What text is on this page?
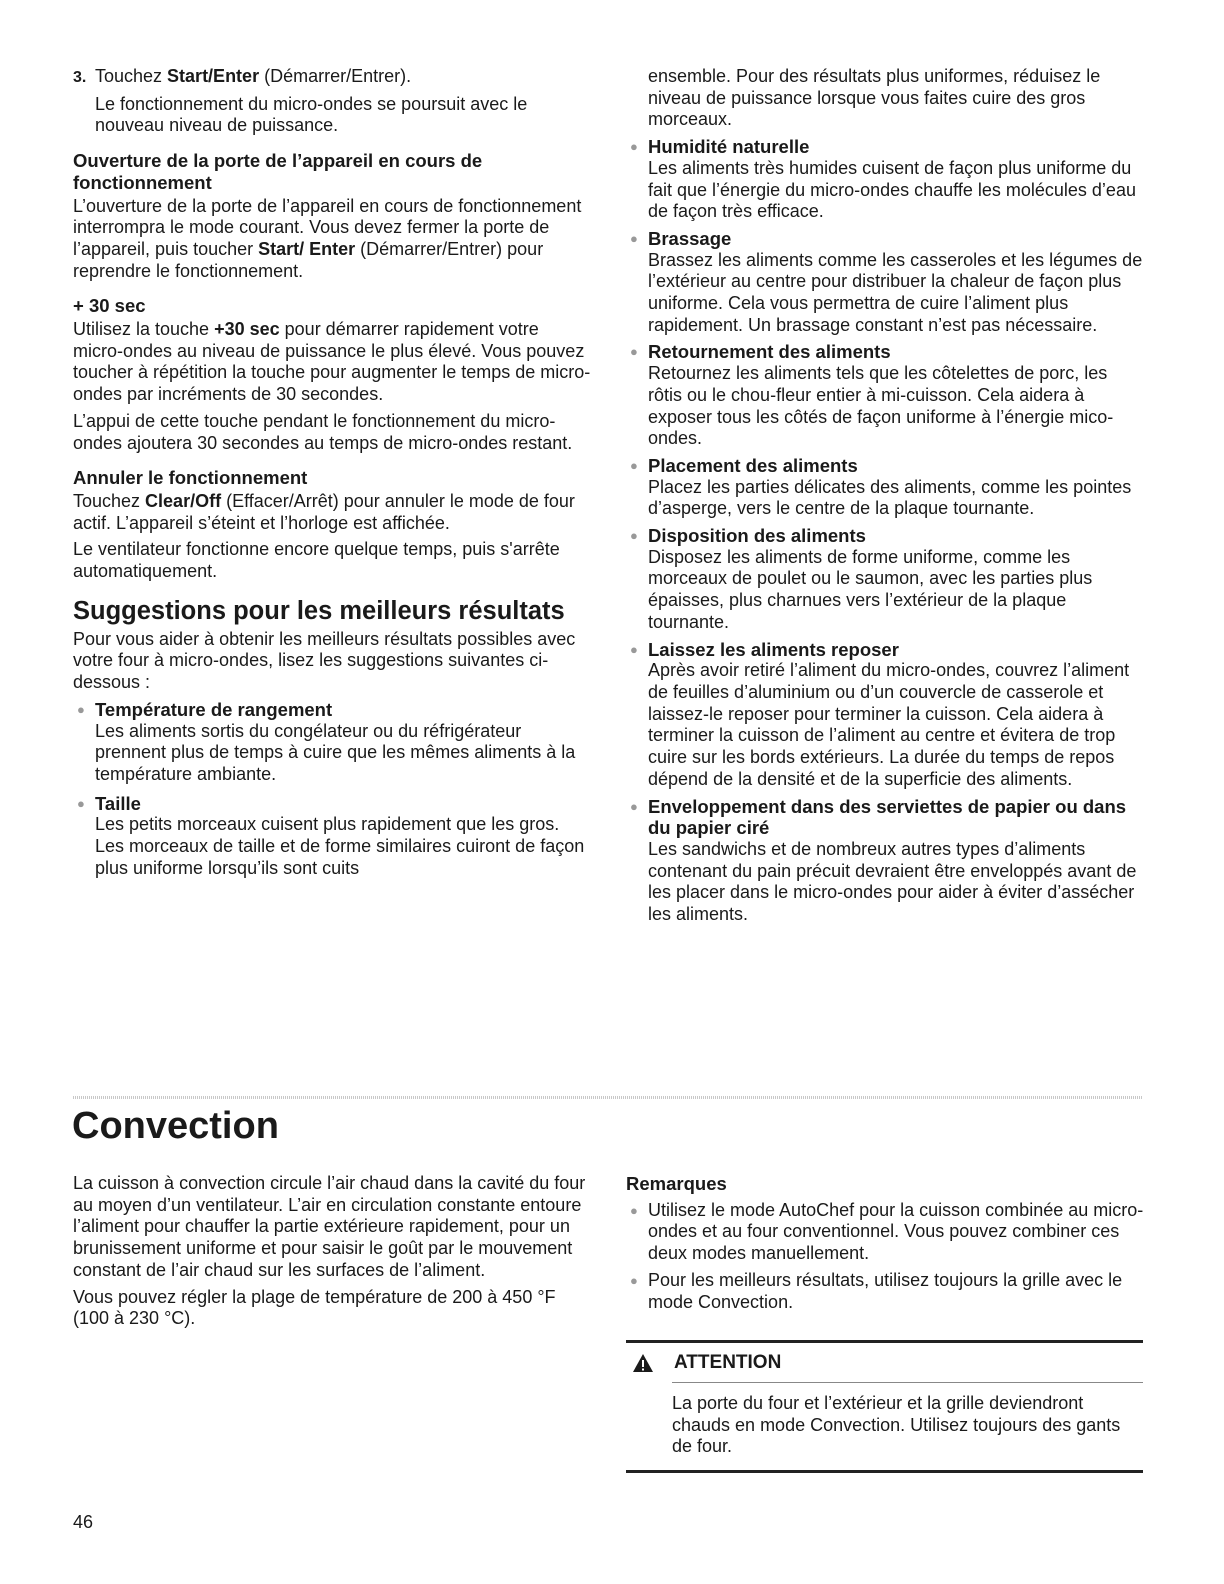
3. Touchez Start/Enter (Démarrer/Entrer).

Le fonctionnement du micro-ondes se poursuit avec le nouveau niveau de puissance.

Ouverture de la porte de l’appareil en cours de fonctionnement

L’ouverture de la porte de l’appareil en cours de fonctionnement interrompra le mode courant. Vous devez fermer la porte de l’appareil, puis toucher Start/ Enter (Démarrer/Entrer) pour reprendre le fonctionnement.

+ 30 sec

Utilisez la touche +30 sec pour démarrer rapidement votre micro-ondes au niveau de puissance le plus élevé. Vous pouvez toucher à répétition la touche pour augmenter le temps de micro-ondes par incréments de 30 secondes.

L’appui de cette touche pendant le fonctionnement du micro-ondes ajoutera 30 secondes au temps de micro-ondes restant.

Annuler le fonctionnement

Touchez Clear/Off (Effacer/Arrêt) pour annuler le mode de four actif. L’appareil s’éteint et l’horloge est affichée.

Le ventilateur fonctionne encore quelque temps, puis s'arrête automatiquement.

Suggestions pour les meilleurs résultats

Pour vous aider à obtenir les meilleurs résultats possibles avec votre four à micro-ondes, lisez les suggestions suivantes ci-dessous :

● Température de rangement
Les aliments sortis du congélateur ou du réfrigérateur prennent plus de temps à cuire que les mêmes aliments à la température ambiante.
● Taille
Les petits morceaux cuisent plus rapidement que les gros. Les morceaux de taille et de forme similaires cuiront de façon plus uniforme lorsqu’ils sont cuits

ensemble. Pour des résultats plus uniformes, réduisez le niveau de puissance lorsque vous faites cuire des gros morceaux.

● Humidité naturelle
Les aliments très humides cuisent de façon plus uniforme du fait que l’énergie du micro-ondes chauffe les molécules d’eau de façon très efficace.
● Brassage
Brassez les aliments comme les casseroles et les légumes de l’extérieur au centre pour distribuer la chaleur de façon plus uniforme. Cela vous permettra de cuire l’aliment plus rapidement. Un brassage constant n’est pas nécessaire.
● Retournement des aliments
Retournez les aliments tels que les côtelettes de porc, les rôtis ou le chou-fleur entier à mi-cuisson. Cela aidera à exposer tous les côtés de façon uniforme à l’énergie mico-ondes.
● Placement des aliments
Placez les parties délicates des aliments, comme les pointes d’asperge, vers le centre de la plaque tournante.
● Disposition des aliments
Disposez les aliments de forme uniforme, comme les morceaux de poulet ou le saumon, avec les parties plus épaisses, plus charnues vers l’extérieur de la plaque tournante.
● Laissez les aliments reposer
Après avoir retiré l’aliment du micro-ondes, couvrez l’aliment de feuilles d’aluminium ou d’un couvercle de casserole et laissez-le reposer pour terminer la cuisson. Cela aidera à terminer la cuisson de l’aliment au centre et évitera de trop cuire sur les bords extérieurs. La durée du temps de repos dépend de la densité et de la superficie des aliments.
● Enveloppement dans des serviettes de papier ou dans du papier ciré
Les sandwichs et de nombreux autres types d’aliments contenant du pain précuit devraient être enveloppés avant de les placer dans le micro-ondes pour aider à éviter d’assécher les aliments.
Convection

La cuisson à convection circule l’air chaud dans la cavité du four au moyen d’un ventilateur. L’air en circulation constante entoure l’aliment pour chauffer la partie extérieure rapidement, pour un brunissement uniforme et pour saisir le goût par le mouvement constant de l’air chaud sur les surfaces de l’aliment.

Vous pouvez régler la plage de température de 200 à 450 °F (100 à 230 °C).

Remarques
● Utilisez le mode AutoChef pour la cuisson combinée au micro-ondes et au four conventionnel. Vous pouvez combiner ces deux modes manuellement.
● Pour les meilleurs résultats, utilisez toujours la grille avec le mode Convection.
ATTENTION
La porte du four et l’extérieur et la grille deviendront chauds en mode Convection. Utilisez toujours des gants de four.
46
